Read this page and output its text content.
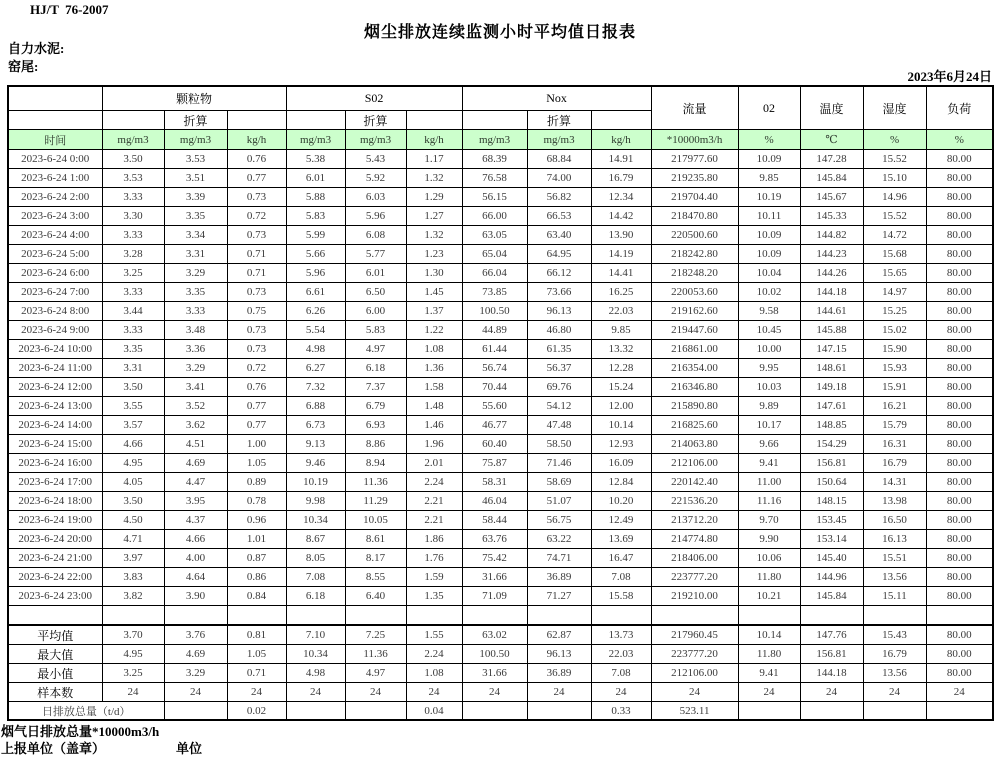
HJ/T  76-2007
烟尘排放连续监测小时平均值日报表
自力水泥:
窑尾:
2023年6月24日
	颗粒物			S02			Nox			流量	02	温度	湿度	负荷
		折算			折算			折算						
时间	mg/m3	mg/m3	kg/h	mg/m3	mg/m3	kg/h	mg/m3	mg/m3	kg/h	*10000m3/h	%	℃	%	%
2023-6-24 0:00	3.50	3.53	0.76	5.38	5.43	1.17	68.39	68.84	14.91	217977.60	10.09	147.28	15.52	80.00
2023-6-24 1:00	3.53	3.51	0.77	6.01	5.92	1.32	76.58	74.00	16.79	219235.80	9.85	145.84	15.10	80.00
2023-6-24 2:00	3.33	3.39	0.73	5.88	6.03	1.29	56.15	56.82	12.34	219704.40	10.19	145.67	14.96	80.00
2023-6-24 3:00	3.30	3.35	0.72	5.83	5.96	1.27	66.00	66.53	14.42	218470.80	10.11	145.33	15.52	80.00
2023-6-24 4:00	3.33	3.34	0.73	5.99	6.08	1.32	63.05	63.40	13.90	220500.60	10.09	144.82	14.72	80.00
2023-6-24 5:00	3.28	3.31	0.71	5.66	5.77	1.23	65.04	64.95	14.19	218242.80	10.09	144.23	15.68	80.00
2023-6-24 6:00	3.25	3.29	0.71	5.96	6.01	1.30	66.04	66.12	14.41	218248.20	10.04	144.26	15.65	80.00
2023-6-24 7:00	3.33	3.35	0.73	6.61	6.50	1.45	73.85	73.66	16.25	220053.60	10.02	144.18	14.97	80.00
2023-6-24 8:00	3.44	3.33	0.75	6.26	6.00	1.37	100.50	96.13	22.03	219162.60	9.58	144.61	15.25	80.00
2023-6-24 9:00	3.33	3.48	0.73	5.54	5.83	1.22	44.89	46.80	9.85	219447.60	10.45	145.88	15.02	80.00
2023-6-24 10:00	3.35	3.36	0.73	4.98	4.97	1.08	61.44	61.35	13.32	216861.00	10.00	147.15	15.90	80.00
2023-6-24 11:00	3.31	3.29	0.72	6.27	6.18	1.36	56.74	56.37	12.28	216354.00	9.95	148.61	15.93	80.00
2023-6-24 12:00	3.50	3.41	0.76	7.32	7.37	1.58	70.44	69.76	15.24	216346.80	10.03	149.18	15.91	80.00
2023-6-24 13:00	3.55	3.52	0.77	6.88	6.79	1.48	55.60	54.12	12.00	215890.80	9.89	147.61	16.21	80.00
2023-6-24 14:00	3.57	3.62	0.77	6.73	6.93	1.46	46.77	47.48	10.14	216825.60	10.17	148.85	15.79	80.00
2023-6-24 15:00	4.66	4.51	1.00	9.13	8.86	1.96	60.40	58.50	12.93	214063.80	9.66	154.29	16.31	80.00
2023-6-24 16:00	4.95	4.69	1.05	9.46	8.94	2.01	75.87	71.46	16.09	212106.00	9.41	156.81	16.79	80.00
2023-6-24 17:00	4.05	4.47	0.89	10.19	11.36	2.24	58.31	58.69	12.84	220142.40	11.00	150.64	14.31	80.00
2023-6-24 18:00	3.50	3.95	0.78	9.98	11.29	2.21	46.04	51.07	10.20	221536.20	11.16	148.15	13.98	80.00
2023-6-24 19:00	4.50	4.37	0.96	10.34	10.05	2.21	58.44	56.75	12.49	213712.20	9.70	153.45	16.50	80.00
2023-6-24 20:00	4.71	4.66	1.01	8.67	8.61	1.86	63.76	63.22	13.69	214774.80	9.90	153.14	16.13	80.00
2023-6-24 21:00	3.97	4.00	0.87	8.05	8.17	1.76	75.42	74.71	16.47	218406.00	10.06	145.40	15.51	80.00
2023-6-24 22:00	3.83	4.64	0.86	7.08	8.55	1.59	31.66	36.89	7.08	223777.20	11.80	144.96	13.56	80.00
2023-6-24 23:00	3.82	3.90	0.84	6.18	6.40	1.35	71.09	71.27	15.58	219210.00	10.21	145.84	15.11	80.00

平均值	3.70	3.76	0.81	7.10	7.25	1.55	63.02	62.87	13.73	217960.45	10.14	147.76	15.43	80.00
最大值	4.95	4.69	1.05	10.34	11.36	2.24	100.50	96.13	22.03	223777.20	11.80	156.81	16.79	80.00
最小值	3.25	3.29	0.71	4.98	4.97	1.08	31.66	36.89	7.08	212106.00	9.41	144.18	13.56	80.00
样本数	24	24	24	24	24	24	24	24	24	24	24	24	24	24
日排放总量（t/d）			0.02			0.04			0.33	523.11				
烟气日排放总量*10000m3/h
上报单位（盖章）	单位
